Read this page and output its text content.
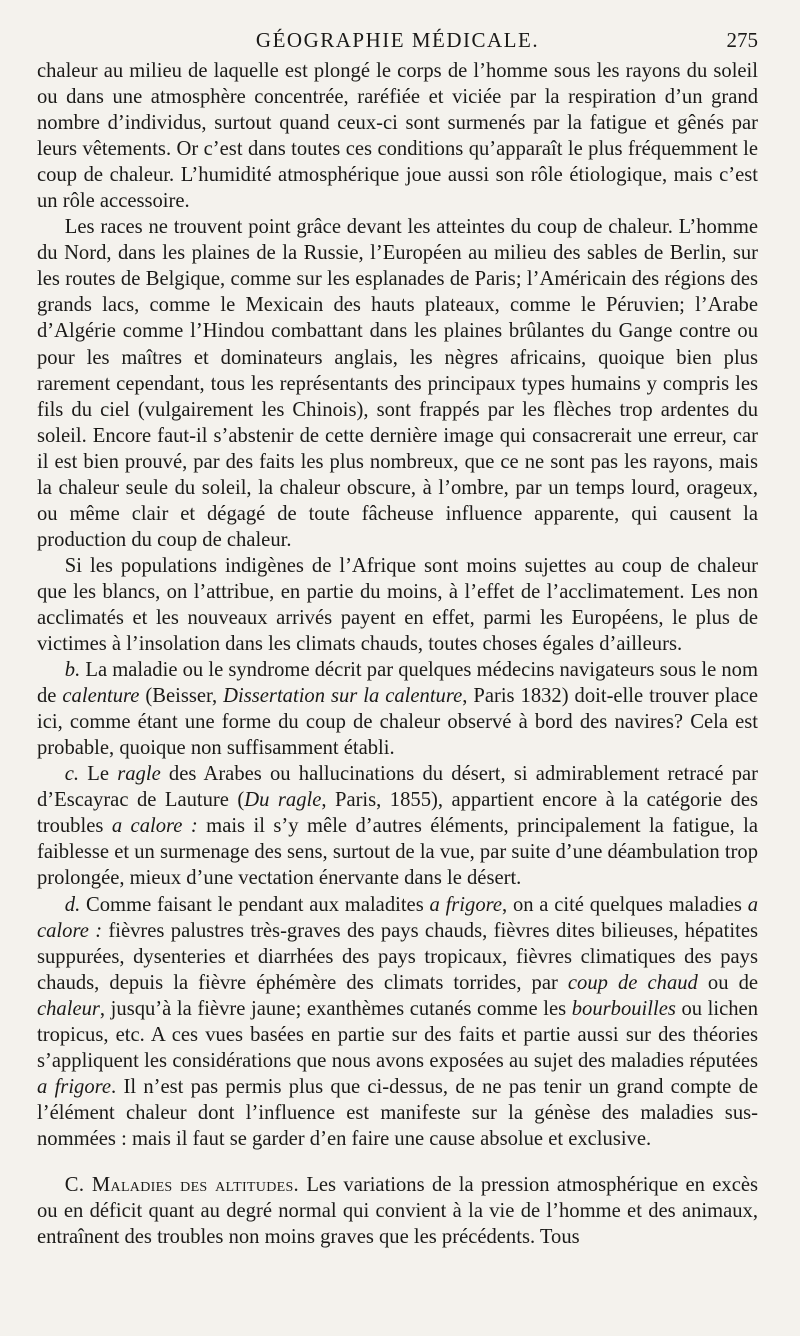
GÉOGRAPHIE MÉDICALE.	275

chaleur au milieu de laquelle est plongé le corps de l’homme sous les rayons du soleil ou dans une atmosphère concentrée, raréfiée et viciée par la respiration d’un grand nombre d’individus, surtout quand ceux-ci sont surmenés par la fatigue et gênés par leurs vêtements. Or c’est dans toutes ces conditions qu’apparaît le plus fréquemment le coup de chaleur. L’humidité atmosphérique joue aussi son rôle étiologique, mais c’est un rôle accessoire.

Les races ne trouvent point grâce devant les atteintes du coup de chaleur. L’homme du Nord, dans les plaines de la Russie, l’Européen au milieu des sables de Berlin, sur les routes de Belgique, comme sur les esplanades de Paris; l’Américain des régions des grands lacs, comme le Mexicain des hauts plateaux, comme le Péruvien; l’Arabe d’Algérie comme l’Hindou combattant dans les plaines brûlantes du Gange contre ou pour les maîtres et dominateurs anglais, les nègres africains, quoique bien plus rarement cependant, tous les représentants des principaux types humains y compris les fils du ciel (vulgairement les Chinois), sont frappés par les flèches trop ardentes du soleil. Encore faut-il s’abstenir de cette dernière image qui consacrerait une erreur, car il est bien prouvé, par des faits les plus nombreux, que ce ne sont pas les rayons, mais la chaleur seule du soleil, la chaleur obscure, à l’ombre, par un temps lourd, orageux, ou même clair et dégagé de toute fâcheuse influence apparente, qui causent la production du coup de chaleur.

Si les populations indigènes de l’Afrique sont moins sujettes au coup de chaleur que les blancs, on l’attribue, en partie du moins, à l’effet de l’acclimatement. Les non acclimatés et les nouveaux arrivés payent en effet, parmi les Européens, le plus de victimes à l’insolation dans les climats chauds, toutes choses égales d’ailleurs.

b. La maladie ou le syndrome décrit par quelques médecins navigateurs sous le nom de calenture (Beisser, Dissertation sur la calenture, Paris 1832) doit-elle trouver place ici, comme étant une forme du coup de chaleur observé à bord des navires? Cela est probable, quoique non suffisamment établi.

c. Le ragle des Arabes ou hallucinations du désert, si admirablement retracé par d’Escayrac de Lauture (Du ragle, Paris, 1855), appartient encore à la catégorie des troubles a calore : mais il s’y mêle d’autres éléments, principalement la fatigue, la faiblesse et un surmenage des sens, surtout de la vue, par suite d’une déambulation trop prolongée, mieux d’une vectation énervante dans le désert.

d. Comme faisant le pendant aux maladites a frigore, on a cité quelques maladies a calore : fièvres palustres très-graves des pays chauds, fièvres dites bilieuses, hépatites suppurées, dysenteries et diarrhées des pays tropicaux, fièvres climatiques des pays chauds, depuis la fièvre éphémère des climats torrides, par coup de chaud ou de chaleur, jusqu’à la fièvre jaune; exanthèmes cutanés comme les bourbouilles ou lichen tropicus, etc. A ces vues basées en partie sur des faits et partie aussi sur des théories s’appliquent les considérations que nous avons exposées au sujet des maladies réputées a frigore. Il n’est pas permis plus que ci-dessus, de ne pas tenir un grand compte de l’élément chaleur dont l’influence est manifeste sur la génèse des maladies sus-nommées : mais il faut se garder d’en faire une cause absolue et exclusive.

C. Maladies des altitudes. Les variations de la pression atmosphérique en excès ou en déficit quant au degré normal qui convient à la vie de l’homme et des animaux, entraînent des troubles non moins graves que les précédents. Tous
